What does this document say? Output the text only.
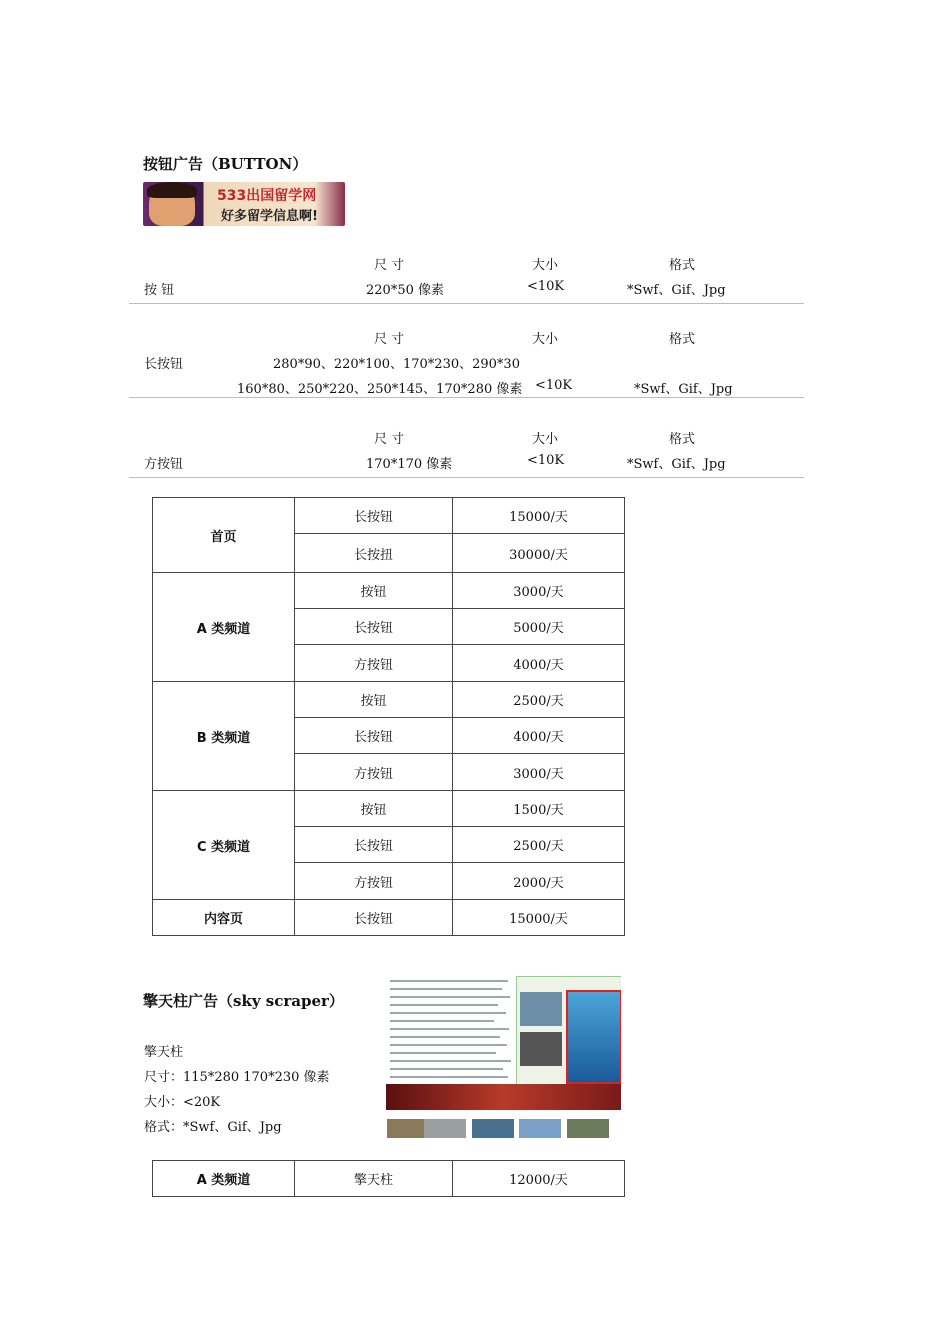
按钮广告（BUTTON）
533出国留学网
好多留学信息啊!
尺 寸	大小	格式
按 钮	220*50 像素	<10K	*Swf、Gif、Jpg
尺 寸	大小	格式
长按钮	280*90、220*100、170*230、290*30
160*80、250*220、250*145、170*280 像素 <10K	*Swf、Gif、Jpg
尺 寸	大小	格式
方按钮	170*170 像素	<10K	*Swf、Gif、Jpg
首页	长按钮	15000/天
	长按扭	30000/天
A 类频道	按钮	3000/天
	长按钮	5000/天
	方按钮	4000/天
B 类频道	按钮	2500/天
	长按钮	4000/天
	方按钮	3000/天
C 类频道	按钮	1500/天
	长按钮	2500/天
	方按钮	2000/天
内容页	长按钮	15000/天
擎天柱广告（sky scraper）
擎天柱
尺寸：115*280 170*230 像素
大小：<20K
格式：*Swf、Gif、Jpg
A 类频道	擎天柱	12000/天
